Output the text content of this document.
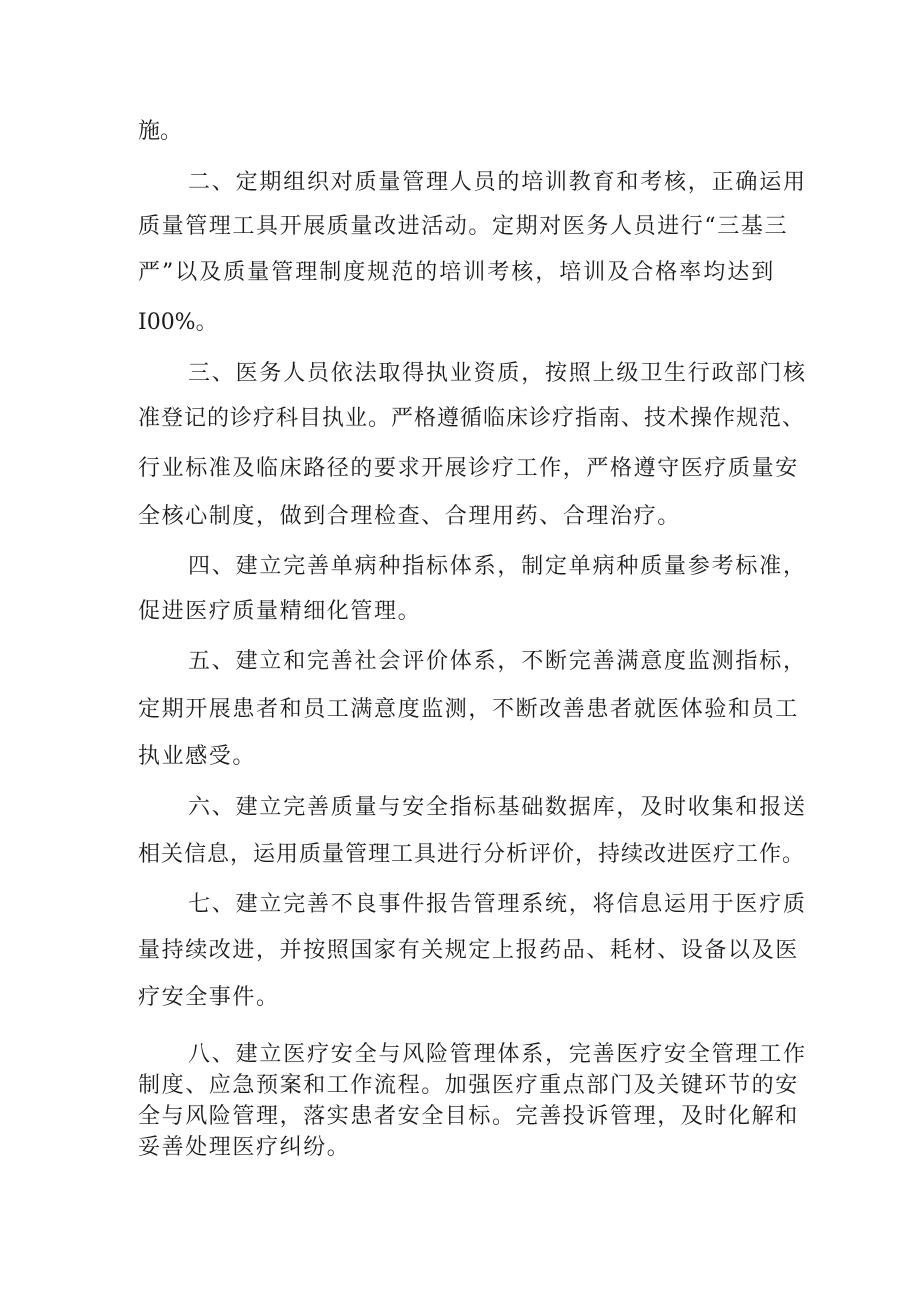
施。
二、定期组织对质量管理人员的培训教育和考核，正确运用
质量管理工具开展质量改进活动。定期对医务人员进行“三基三
严”以及质量管理制度规范的培训考核，培训及合格率均达到
I00%。
三、医务人员依法取得执业资质，按照上级卫生行政部门核
准登记的诊疗科目执业。严格遵循临床诊疗指南、技术操作规范、
行业标准及临床路径的要求开展诊疗工作，严格遵守医疗质量安
全核心制度，做到合理检查、合理用药、合理治疗。
四、建立完善单病种指标体系，制定单病种质量参考标准，
促进医疗质量精细化管理。
五、建立和完善社会评价体系，不断完善满意度监测指标，
定期开展患者和员工满意度监测，不断改善患者就医体验和员工
执业感受。
六、建立完善质量与安全指标基础数据库，及时收集和报送
相关信息，运用质量管理工具进行分析评价，持续改进医疗工作。
七、建立完善不良事件报告管理系统，将信息运用于医疗质
量持续改进，并按照国家有关规定上报药品、耗材、设备以及医
疗安全事件。
八、建立医疗安全与风险管理体系，完善医疗安全管理工作
制度、应急预案和工作流程。加强医疗重点部门及关键环节的安
全与风险管理，落实患者安全目标。完善投诉管理，及时化解和
妥善处理医疗纠纷。
